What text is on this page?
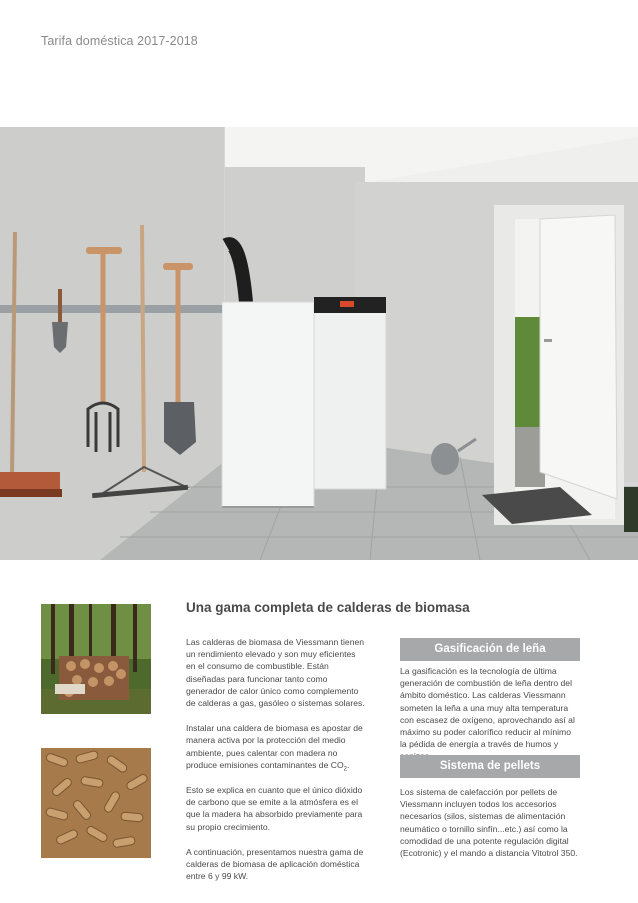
Tarifa doméstica 2017-2018
Una gama completa de calderas de biomasa

Las calderas de biomasa de Viessmann tienen un rendimiento elevado y son muy eficientes en el consumo de combustible. Están diseñadas para funcionar tanto como generador de calor único como complemento de calderas a gas, gasóleo o sistemas solares.

Instalar una caldera de biomasa es apostar de manera activa por la protección del medio ambiente, pues calentar con madera no produce emisiones contaminantes de $CO_2$.

Esto se explica en cuanto que el único dióxido de carbono que se emite a la atmósfera es el que la madera ha absorbido previamente para su propio crecimiento.

A continuación, presentamos nuestra gama de calderas de biomasa de aplicación doméstica entre 6 y 99 kW.

Gasificación de leña
La gasificación es la tecnología de última generación de combustión de leña dentro del ámbito doméstico. Las calderas Viessmann someten la leña a una muy alta temperatura con escasez de oxígeno, aprovechando así al máximo su poder calorífico reducir al mínimo la pédida de energía a través de humos y
Sistema de pellets
Los sistema de calefacción por pellets de Viessmann incluyen todos los accesorios necesarios (silos, sistemas de alimentación neumático o tornillo sinfín...etc.) así como la comodidad de una potente regulación digital (Ecotronic) y el mando a distancia Vitotrol 350.
